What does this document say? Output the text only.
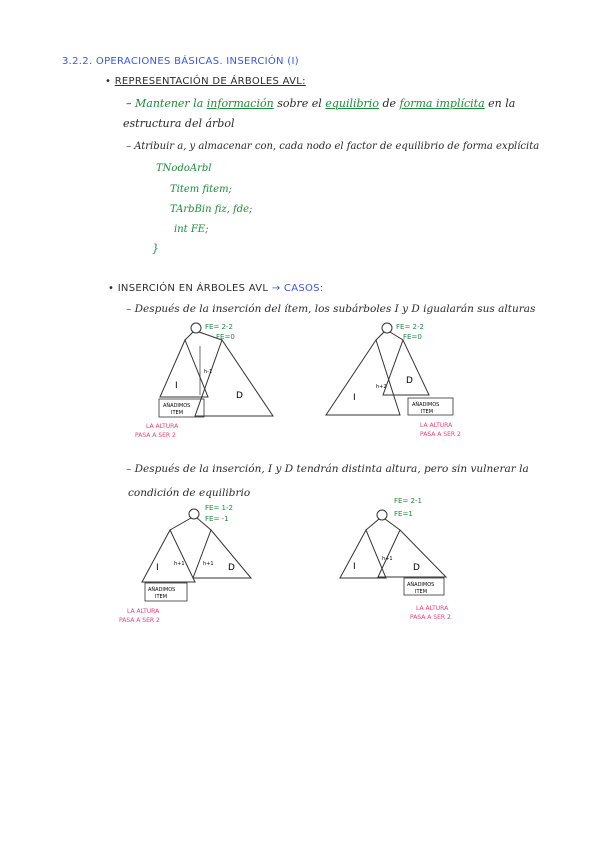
3.2.2. OPERACIONES BÁSICAS. INSERCIÓN (I)
• REPRESENTACIÓN DE ÁRBOLES AVL:
– Mantener la información sobre el equilibrio de forma implícita en la
estructura del árbol
– Atribuir a, y almacenar con, cada nodo el factor de equilibrio de forma explícita
TNodoArbl
Titem fitem;
TArbBin fiz, fde;
int FE;
}
• INSERCIÓN EN ÁRBOLES AVL → CASOS:
– Después de la inserción del ítem, los subárboles I y D igualarán sus alturas
FE= 2-2
FE=0
I
D
h-1
AÑADIMOS
ITEM
LA ALTURA
PASA A SER 2
FE= 2-2
FE=0
I
D
h+2
AÑADIMOS
ITEM
LA ALTURA
PASA A SER 2
– Después de la inserción, I y D tendrán distinta altura, pero sin vulnerar la
condición de equilibrio
FE= 1-2
FE= -1
I	D
h+1	h+1
AÑADIMOS
ITEM
LA ALTURA
PASA A SER 2
FE= 2-1
FE=1
I	D
h+1
AÑADIMOS
ITEM
LA ALTURA
PASA A SER 2
